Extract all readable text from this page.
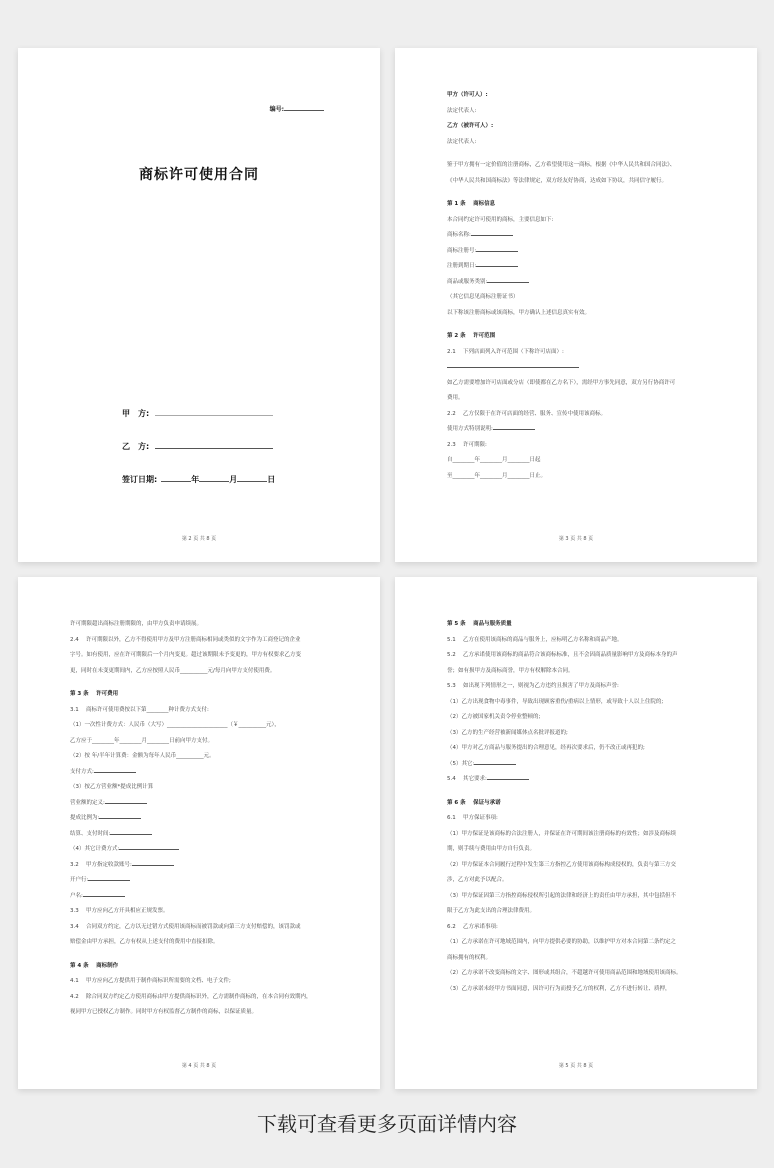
编号:
商标许可使用合同
甲　方:
乙　方:
签订日期:	年	月	日
第 2 页 共 8 页
甲方（许可人）:
法定代表人:
乙方（被许可人）:
法定代表人:
鉴于甲方拥有一定价值的注册商标，乙方希望使用这一商标，根据《中华人民共和国合同法》、
《中华人民共和国商标法》等法律规定，双方经友好协商，达成如下协议，共同信守履行。
第 1 条　 商标信息
本合同约定许可使用的商标，主要信息如下:
商标名称:
商标注册号:
注册到期日:
商品或服务类别:
（其它信息见商标注册证书）
以下称该注册商标或该商标，甲方确认上述信息真实有效。
第 2 条　 许可范围
2.1　 下列店面列入许可范围（下称许可店面）:
如乙方需要增加许可店面或分店（即使都在乙方名下），需经甲方事先同意，双方另行协商许可
费用。
2.2　 乙方仅限于在许可店面的经营、服务、宣传中使用该商标。
使用方式特别说明:
2.3　 许可期限:
自________年________月________日起
至________年________月________日止。
第 3 页 共 8 页
许可期限超出商标注册期限的，由甲方负责申请续展。
2.4　 许可期限以外，乙方不得使用甲方及甲方注册商标相同或类似的文字作为工商登记的企业
字号。如有使用，应在许可期限后一个月内变更。超过该期限未予变更的，甲方有权要求乙方变
更，同时在未变更期间内，乙方应按照人民币__________元/每月向甲方支付使用费。
第 3 条　 许可费用
3.1　 商标许可使用费按以下第________种计费方式支付:
（1）一次性计费方式：人民币（大写）______________________（￥__________元），
乙方应于________年________月________日前向甲方支付。
（2）按 年/半年计算费：金额为每年人民币__________元。
支付方式:
（3）按乙方营业额*提成比例计算
营业额的定义:
提成比例为:
结算、支付时间:
（4）其它计费方式:
3.2　 甲方指定收款账号:
开户行:
户名:
3.3　 甲方应向乙方开具相应正规发票。
3.4　 合同双方约定，乙方以无过错方式使用该商标而被罚款或向第三方支付赔偿的，该罚款或
赔偿金由甲方承担，乙方有权从上述支付的费用中直接扣除。
第 4 条　 商标制作
4.1　 甲方应向乙方提供用于制作商标识所需要的文档、电子文件;
4.2　 除合同双方约定乙方使用商标由甲方提供商标识外，乙方需制作商标的，在本合同有效期内，
视同甲方已授权乙方制作。同时甲方有权监督乙方制作的商标，以保证质量。
第 4 页 共 8 页
第 5 条　 商品与服务质量
5.1　 乙方在使用该商标的商品与服务上，应标明乙方名称和商品产地。
5.2　 乙方承诺使用该商标的商品符合该商标标准，且不会因商品质量影响甲方及商标本身的声
誉；如有损甲方及商标商誉，甲方有权解除本合同。
5.3　 如出现下列情形之一，则视为乙方违约且损害了甲方及商标声誉:
（1）乙方出现食物中毒事件，导致出现顾客重伤/重病以上情形，或导致十人以上住院的;
（2）乙方被国家机关责令停业整顿的;
（3）乙方的生产经营被新闻媒体点名批评报道的;
（4）甲方对乙方商品与服务提出的合理意见，经再次要求后，仍不改正或再犯的;
（5）其它:
5.4　 其它要求:
第 6 条　 保证与承诺
6.1　 甲方保证事项:
（1）甲方保证是该商标的合法注册人，并保证在许可期间该注册商标的有效性；如涉及商标续
期，则手续与费用由甲方自行负责。
（2）甲方保证本合同履行过程中发生第三方指控乙方使用该商标构成侵权的，负责与第三方交
涉，乙方对此予以配合。
（3）甲方保证因第三方指控商标侵权所引起的法律和经济上的责任由甲方承担，其中包括但不
限于乙方为此支出的合理法律费用。
6.2　 乙方承诺事项:
（1）乙方承诺在许可地域范围内，向甲方提供必要的协助，以维护甲方对本合同第二条约定之
商标拥有的权利。
（2）乙方承诺不改变商标的文字、图形或其组合，不超越许可使用商品范围和地域使用该商标。
（3）乙方承诺未经甲方书面同意，因许可行为而授予乙方的权利，乙方不进行转让、质押，
第 5 页 共 8 页
下载可查看更多页面详情内容
